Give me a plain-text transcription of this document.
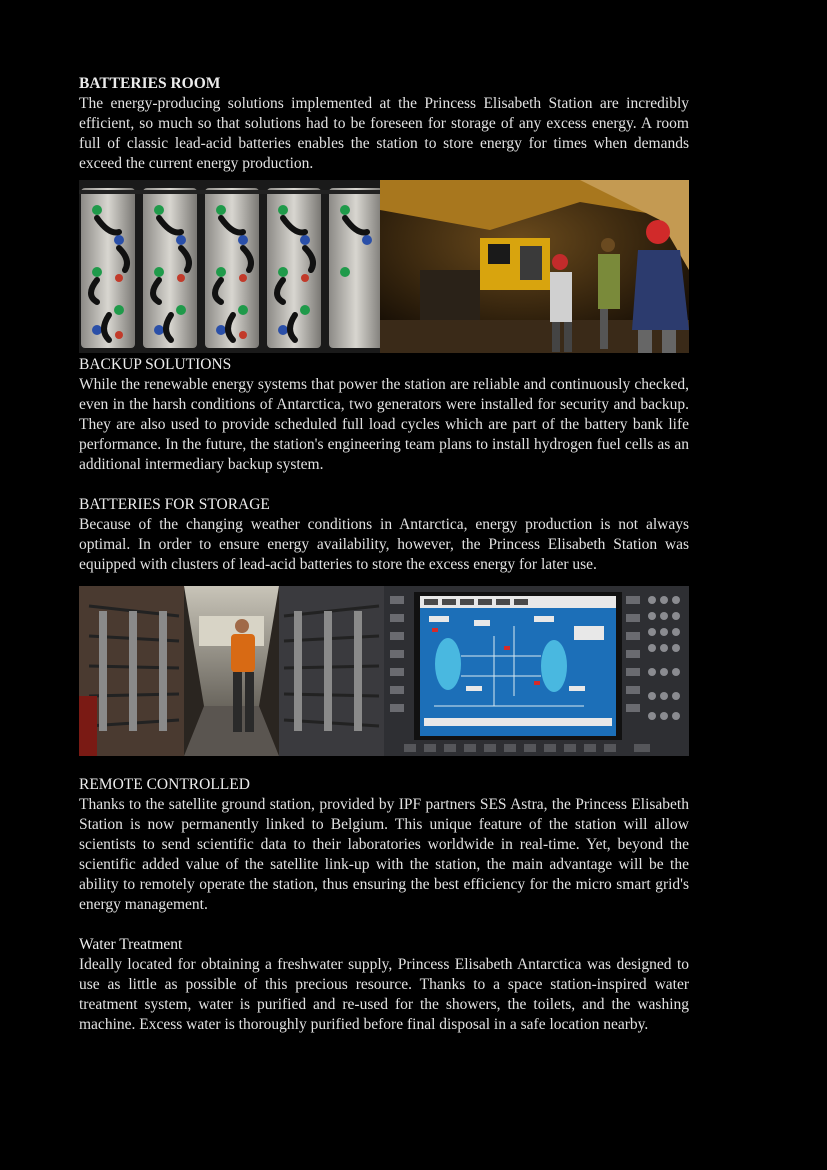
BATTERIES ROOM

The energy-producing solutions implemented at the Princess Elisabeth Station are incredibly efficient, so much so that solutions had to be foreseen for storage of any excess energy. A room full of classic lead-acid batteries enables the station to store energy for times when demands exceed the current energy production.

BACKUP SOLUTIONS

While the renewable energy systems that power the station are reliable and continuously checked, even in the harsh conditions of Antarctica, two generators were installed for security and backup. They are also used to provide scheduled full load cycles which are part of the battery bank life performance. In the future, the station's engineering team plans to install hydrogen fuel cells as an additional intermediary backup system.

BATTERIES FOR STORAGE

Because of the changing weather conditions in Antarctica, energy production is not always optimal. In order to ensure energy availability, however, the Princess Elisabeth Station was equipped with clusters of lead-acid batteries to store the excess energy for later use.

REMOTE CONTROLLED

Thanks to the satellite ground station, provided by IPF partners SES Astra, the Princess Elisabeth Station is now permanently linked to Belgium. This unique feature of the station will allow scientists to send scientific data to their laboratories worldwide in real-time. Yet, beyond the scientific added value of the satellite link-up with the station, the main advantage will be the ability to remotely operate the station, thus ensuring the best efficiency for the micro smart grid's energy management.

Water Treatment

Ideally located for obtaining a freshwater supply, Princess Elisabeth Antarctica was designed to use as little as possible of this precious resource. Thanks to a space station-inspired water treatment system, water is purified and re-used for the showers, the toilets, and the washing machine. Excess water is thoroughly purified before final disposal in a safe location nearby.
